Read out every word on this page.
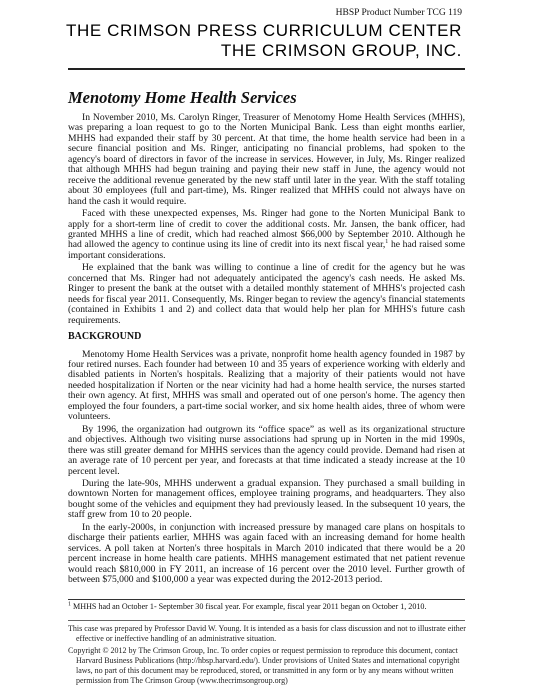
HBSP Product Number TCG 119
THE CRIMSON PRESS CURRICULUM CENTER
THE CRIMSON GROUP, INC.
Menotomy Home Health Services

In November 2010, Ms. Carolyn Ringer, Treasurer of Menotomy Home Health Services (MHHS), was preparing a loan request to go to the Norten Municipal Bank. Less than eight months earlier, MHHS had expanded their staff by 30 percent. At that time, the home health service had been in a secure financial position and Ms. Ringer, anticipating no financial problems, had spoken to the agency's board of directors in favor of the increase in services. However, in July, Ms. Ringer realized that although MHHS had begun training and paying their new staff in June, the agency would not receive the additional revenue generated by the new staff until later in the year. With the staff totaling about 30 employees (full and part-time), Ms. Ringer realized that MHHS could not always have on hand the cash it would require.

Faced with these unexpected expenses, Ms. Ringer had gone to the Norten Municipal Bank to apply for a short-term line of credit to cover the additional costs. Mr. Jansen, the bank officer, had granted MHHS a line of credit, which had reached almost $66,000 by September 2010. Although he had allowed the agency to continue using its line of credit into its next fiscal year,$^1$ he had raised some important considerations.

He explained that the bank was willing to continue a line of credit for the agency but he was concerned that Ms. Ringer had not adequately anticipated the agency's cash needs. He asked Ms. Ringer to present the bank at the outset with a detailed monthly statement of MHHS's projected cash needs for fiscal year 2011. Consequently, Ms. Ringer began to review the agency's financial statements (contained in Exhibits 1 and 2) and collect data that would help her plan for MHHS's future cash requirements.

BACKGROUND

Menotomy Home Health Services was a private, nonprofit home health agency founded in 1987 by four retired nurses. Each founder had between 10 and 35 years of experience working with elderly and disabled patients in Norten's hospitals. Realizing that a majority of their patients would not have needed hospitalization if Norten or the near vicinity had had a home health service, the nurses started their own agency. At first, MHHS was small and operated out of one person's home. The agency then employed the four founders, a part-time social worker, and six home health aides, three of whom were volunteers.

By 1996, the organization had outgrown its “office space” as well as its organizational structure and objectives. Although two visiting nurse associations had sprung up in Norten in the mid 1990s, there was still greater demand for MHHS services than the agency could provide. Demand had risen at an average rate of 10 percent per year, and forecasts at that time indicated a steady increase at the 10 percent level.

During the late-90s, MHHS underwent a gradual expansion. They purchased a small building in downtown Norten for management offices, employee training programs, and headquarters. They also bought some of the vehicles and equipment they had previously leased. In the subsequent 10 years, the staff grew from 10 to 20 people.

In the early-2000s, in conjunction with increased pressure by managed care plans on hospitals to discharge their patients earlier, MHHS was again faced with an increasing demand for home health services. A poll taken at Norten's three hospitals in March 2010 indicated that there would be a 20 percent increase in home health care patients. MHHS management estimated that net patient revenue would reach $810,000 in FY 2011, an increase of 16 percent over the 2010 level. Further growth of between $75,000 and $100,000 a year was expected during the 2012-2013 period.

$^1$ MHHS had an October 1- September 30 fiscal year. For example, fiscal year 2011 began on October 1, 2010.

This case was prepared by Professor David W. Young. It is intended as a basis for class discussion and not to illustrate either effective or ineffective handling of an administrative situation.

Copyright © 2012 by The Crimson Group, Inc. To order copies or request permission to reproduce this document, contact Harvard Business Publications (http://hbsp.harvard.edu/). Under provisions of United States and international copyright laws, no part of this document may be reproduced, stored, or transmitted in any form or by any means without written permission from The Crimson Group (www.thecrimsongroup.org)
